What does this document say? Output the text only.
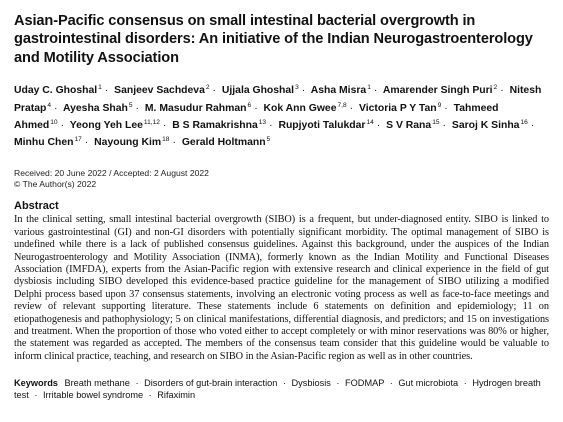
Asian-Pacific consensus on small intestinal bacterial overgrowth in gastrointestinal disorders: An initiative of the Indian Neurogastroenterology and Motility Association
Uday C. Ghoshal$^1$ · Sanjeev Sachdeva$^2$ · Ujjala Ghoshal$^3$ · Asha Misra$^1$ · Amarender Singh Puri$^2$ · Nitesh Pratap$^4$ · Ayesha Shah$^5$ · M. Masudur Rahman$^6$ · Kok Ann Gwee$^{7,8}$ · Victoria P Y Tan$^9$ · Tahmeed Ahmed$^{10}$ · Yeong Yeh Lee$^{11,12}$ · B S Ramakrishna$^{13}$ · Rupjyoti Talukdar$^{14}$ · S V Rana$^{15}$ · Saroj K Sinha$^{16}$ · Minhu Chen$^{17}$ · Nayoung Kim$^{18}$ · Gerald Holtmann$^5$
Received: 20 June 2022 / Accepted: 2 August 2022
© The Author(s) 2022
Abstract

In the clinical setting, small intestinal bacterial overgrowth (SIBO) is a frequent, but under-diagnosed entity. SIBO is linked to various gastrointestinal (GI) and non-GI disorders with potentially significant morbidity. The optimal management of SIBO is undefined while there is a lack of published consensus guidelines. Against this background, under the auspices of the Indian Neurogastroenterology and Motility Association (INMA), formerly known as the Indian Motility and Functional Diseases Association (IMFDA), experts from the Asian-Pacific region with extensive research and clinical experience in the field of gut dysbiosis including SIBO developed this evidence-based practice guideline for the management of SIBO utilizing a modified Delphi process based upon 37 consensus statements, involving an electronic voting process as well as face-to-face meetings and review of relevant supporting literature. These statements include 6 statements on definition and epidemiology; 11 on etiopathogenesis and pathophysiology; 5 on clinical manifestations, differential diagnosis, and predictors; and 15 on investigations and treatment. When the proportion of those who voted either to accept completely or with minor reservations was 80% or higher, the statement was regarded as accepted. The members of the consensus team consider that this guideline would be valuable to inform clinical practice, teaching, and research on SIBO in the Asian-Pacific region as well as in other countries.

Keywords Breath methane · Disorders of gut-brain interaction · Dysbiosis · FODMAP · Gut microbiota · Hydrogen breath test · Irritable bowel syndrome · Rifaximin
